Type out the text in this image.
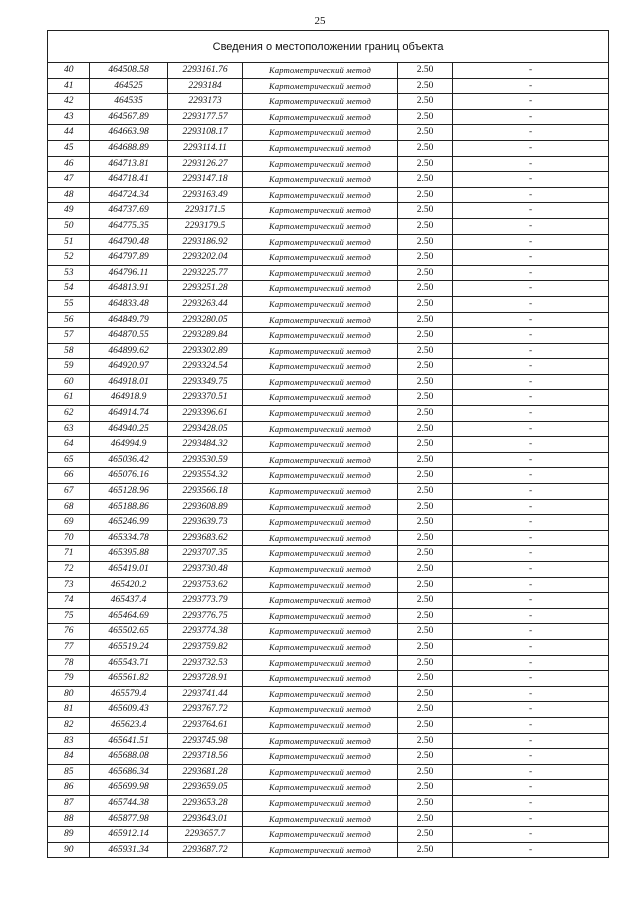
25
Сведения о местоположении границ объекта					
40	464508.58	2293161.76	Картометрический метод	2.50	-
41	464525	2293184	Картометрический метод	2.50	-
42	464535	2293173	Картометрический метод	2.50	-
43	464567.89	2293177.57	Картометрический метод	2.50	-
44	464663.98	2293108.17	Картометрический метод	2.50	-
45	464688.89	2293114.11	Картометрический метод	2.50	-
46	464713.81	2293126.27	Картометрический метод	2.50	-
47	464718.41	2293147.18	Картометрический метод	2.50	-
48	464724.34	2293163.49	Картометрический метод	2.50	-
49	464737.69	2293171.5	Картометрический метод	2.50	-
50	464775.35	2293179.5	Картометрический метод	2.50	-
51	464790.48	2293186.92	Картометрический метод	2.50	-
52	464797.89	2293202.04	Картометрический метод	2.50	-
53	464796.11	2293225.77	Картометрический метод	2.50	-
54	464813.91	2293251.28	Картометрический метод	2.50	-
55	464833.48	2293263.44	Картометрический метод	2.50	-
56	464849.79	2293280.05	Картометрический метод	2.50	-
57	464870.55	2293289.84	Картометрический метод	2.50	-
58	464899.62	2293302.89	Картометрический метод	2.50	-
59	464920.97	2293324.54	Картометрический метод	2.50	-
60	464918.01	2293349.75	Картометрический метод	2.50	-
61	464918.9	2293370.51	Картометрический метод	2.50	-
62	464914.74	2293396.61	Картометрический метод	2.50	-
63	464940.25	2293428.05	Картометрический метод	2.50	-
64	464994.9	2293484.32	Картометрический метод	2.50	-
65	465036.42	2293530.59	Картометрический метод	2.50	-
66	465076.16	2293554.32	Картометрический метод	2.50	-
67	465128.96	2293566.18	Картометрический метод	2.50	-
68	465188.86	2293608.89	Картометрический метод	2.50	-
69	465246.99	2293639.73	Картометрический метод	2.50	-
70	465334.78	2293683.62	Картометрический метод	2.50	-
71	465395.88	2293707.35	Картометрический метод	2.50	-
72	465419.01	2293730.48	Картометрический метод	2.50	-
73	465420.2	2293753.62	Картометрический метод	2.50	-
74	465437.4	2293773.79	Картометрический метод	2.50	-
75	465464.69	2293776.75	Картометрический метод	2.50	-
76	465502.65	2293774.38	Картометрический метод	2.50	-
77	465519.24	2293759.82	Картометрический метод	2.50	-
78	465543.71	2293732.53	Картометрический метод	2.50	-
79	465561.82	2293728.91	Картометрический метод	2.50	-
80	465579.4	2293741.44	Картометрический метод	2.50	-
81	465609.43	2293767.72	Картометрический метод	2.50	-
82	465623.4	2293764.61	Картометрический метод	2.50	-
83	465641.51	2293745.98	Картометрический метод	2.50	-
84	465688.08	2293718.56	Картометрический метод	2.50	-
85	465686.34	2293681.28	Картометрический метод	2.50	-
86	465699.98	2293659.05	Картометрический метод	2.50	-
87	465744.38	2293653.28	Картометрический метод	2.50	-
88	465877.98	2293643.01	Картометрический метод	2.50	-
89	465912.14	2293657.7	Картометрический метод	2.50	-
90	465931.34	2293687.72	Картометрический метод	2.50	-
